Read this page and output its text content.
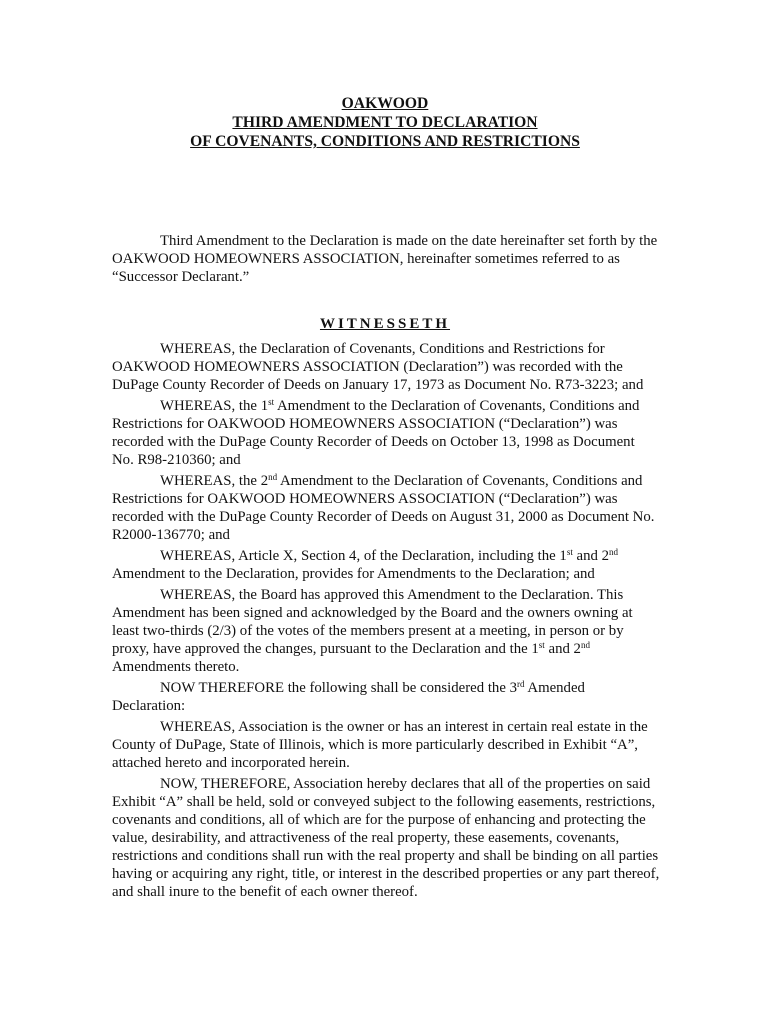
OAKWOOD
THIRD AMENDMENT TO DECLARATION
OF COVENANTS, CONDITIONS AND RESTRICTIONS

Third Amendment to the Declaration is made on the date hereinafter set forth by the OAKWOOD HOMEOWNERS ASSOCIATION, hereinafter sometimes referred to as “Successor Declarant.”

WITNESSETH

WHEREAS, the Declaration of Covenants, Conditions and Restrictions for OAKWOOD HOMEOWNERS ASSOCIATION (Declaration”) was recorded with the DuPage County Recorder of Deeds on January 17, 1973 as Document No. R73-3223; and

WHEREAS, the 1st Amendment to the Declaration of Covenants, Conditions and Restrictions for OAKWOOD HOMEOWNERS ASSOCIATION (“Declaration”) was recorded with the DuPage County Recorder of Deeds on October 13, 1998 as Document No. R98-210360; and

WHEREAS, the 2nd Amendment to the Declaration of Covenants, Conditions and Restrictions for OAKWOOD HOMEOWNERS ASSOCIATION (“Declaration”) was recorded with the DuPage County Recorder of Deeds on August 31, 2000 as Document No. R2000-136770; and

WHEREAS, Article X, Section 4, of the Declaration, including the 1st and 2nd Amendment to the Declaration, provides for Amendments to the Declaration; and

WHEREAS, the Board has approved this Amendment to the Declaration. This Amendment has been signed and acknowledged by the Board and the owners owning at least two-thirds (2/3) of the votes of the members present at a meeting, in person or by proxy, have approved the changes, pursuant to the Declaration and the 1st and 2nd Amendments thereto.

NOW THEREFORE the following shall be considered the 3rd Amended Declaration:

WHEREAS, Association is the owner or has an interest in certain real estate in the County of DuPage, State of Illinois, which is more particularly described in Exhibit “A”, attached hereto and incorporated herein.

NOW, THEREFORE, Association hereby declares that all of the properties on said Exhibit “A” shall be held, sold or conveyed subject to the following easements, restrictions, covenants and conditions, all of which are for the purpose of enhancing and protecting the value, desirability, and attractiveness of the real property, these easements, covenants, restrictions and conditions shall run with the real property and shall be binding on all parties having or acquiring any right, title, or interest in the described properties or any part thereof, and shall inure to the benefit of each owner thereof.
